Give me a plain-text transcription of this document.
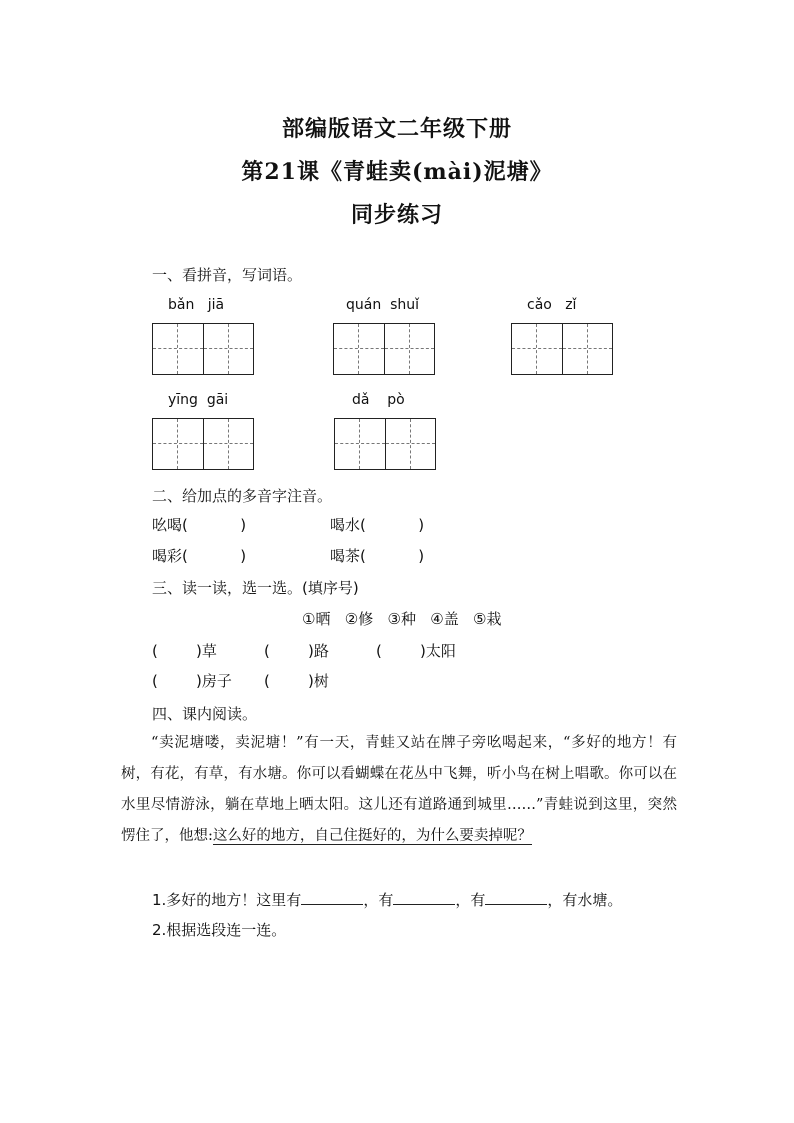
部编版语文二年级下册
第21课《青蛙卖(mài)泥塘》
同步练习
一、看拼音，写词语。
bǎn   jiā	quán  shuǐ	cǎo   zǐ
yīng  gāi	dǎ    pò
二、给加点的多音字注音。
吆喝(           )	喝水(           )
喝彩(           )	喝茶(           )
三、读一读，选一选。(填序号)
①晒   ②修   ③种   ④盖   ⑤栽
(        )草	(        )路	(        )太阳
(        )房子 (        )树
四、课内阅读。
“卖泥塘喽，卖泥塘！”有一天，青蛙又站在牌子旁吆喝起来，“多好的地方！有树，有花，有草，有水塘。你可以看蝴蝶在花丛中飞舞，听小鸟在树上唱歌。你可以在水里尽情游泳，躺在草地上晒太阳。这儿还有道路通到城里……”青蛙说到这里，突然愣住了，他想:这么好的地方，自己住挺好的，为什么要卖掉呢？
1.多好的地方！这里有	，有	，有	，有水塘。
2.根据选段连一连。
